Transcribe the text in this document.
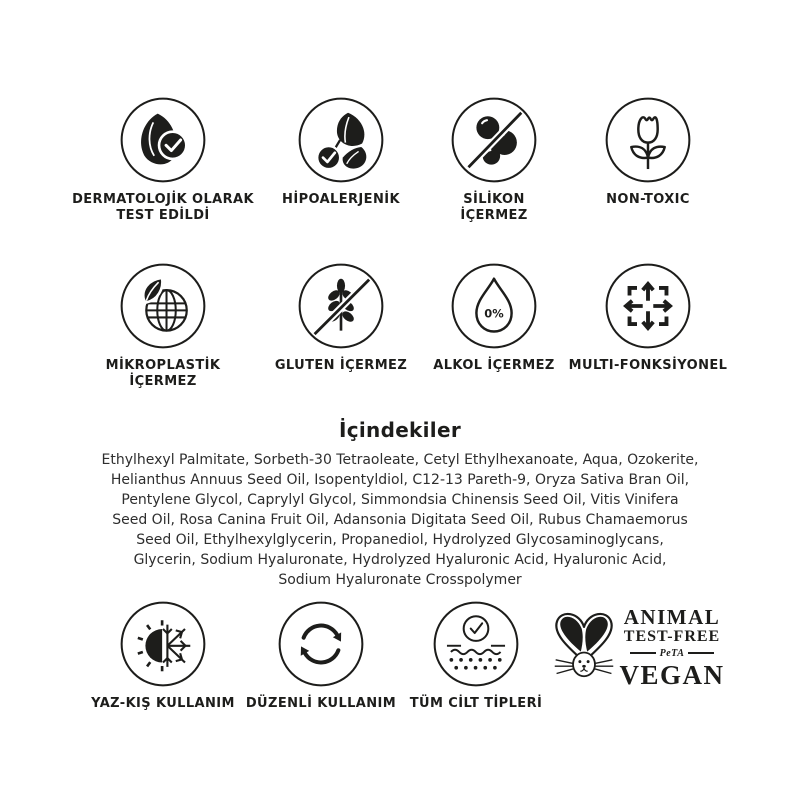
DERMATOLOJİK OLARAK
TEST EDİLDİ
HİPOALERJENİK	SİLİKON
İÇERMEZ
NON-TOXIC
MİKROPLASTİK
İÇERMEZ
GLUTEN İÇERMEZ
0%
ALKOL İÇERMEZ MULTI-FONKSİYONEL
İçindekiler
Ethylhexyl Palmitate, Sorbeth-30 Tetraoleate, Cetyl Ethylhexanoate, Aqua, Ozokerite,
Helianthus Annuus Seed Oil, Isopentyldiol, C12-13 Pareth-9, Oryza Sativa Bran Oil,
Pentylene Glycol, Caprylyl Glycol, Simmondsia Chinensis Seed Oil, Vitis Vinifera
Seed Oil, Rosa Canina Fruit Oil, Adansonia Digitata Seed Oil, Rubus Chamaemorus
Seed Oil, Ethylhexylglycerin, Propanediol, Hydrolyzed Glycosaminoglycans,
Glycerin, Sodium Hyaluronate, Hydrolyzed Hyaluronic Acid, Hyaluronic Acid,
Sodium Hyaluronate Crosspolymer
YAZ-KIŞ KULLANIM DÜZENLİ KULLANIM TÜM CİLT TİPLERİ
ANIMAL
TEST-FREE
PeTA
VEGAN
